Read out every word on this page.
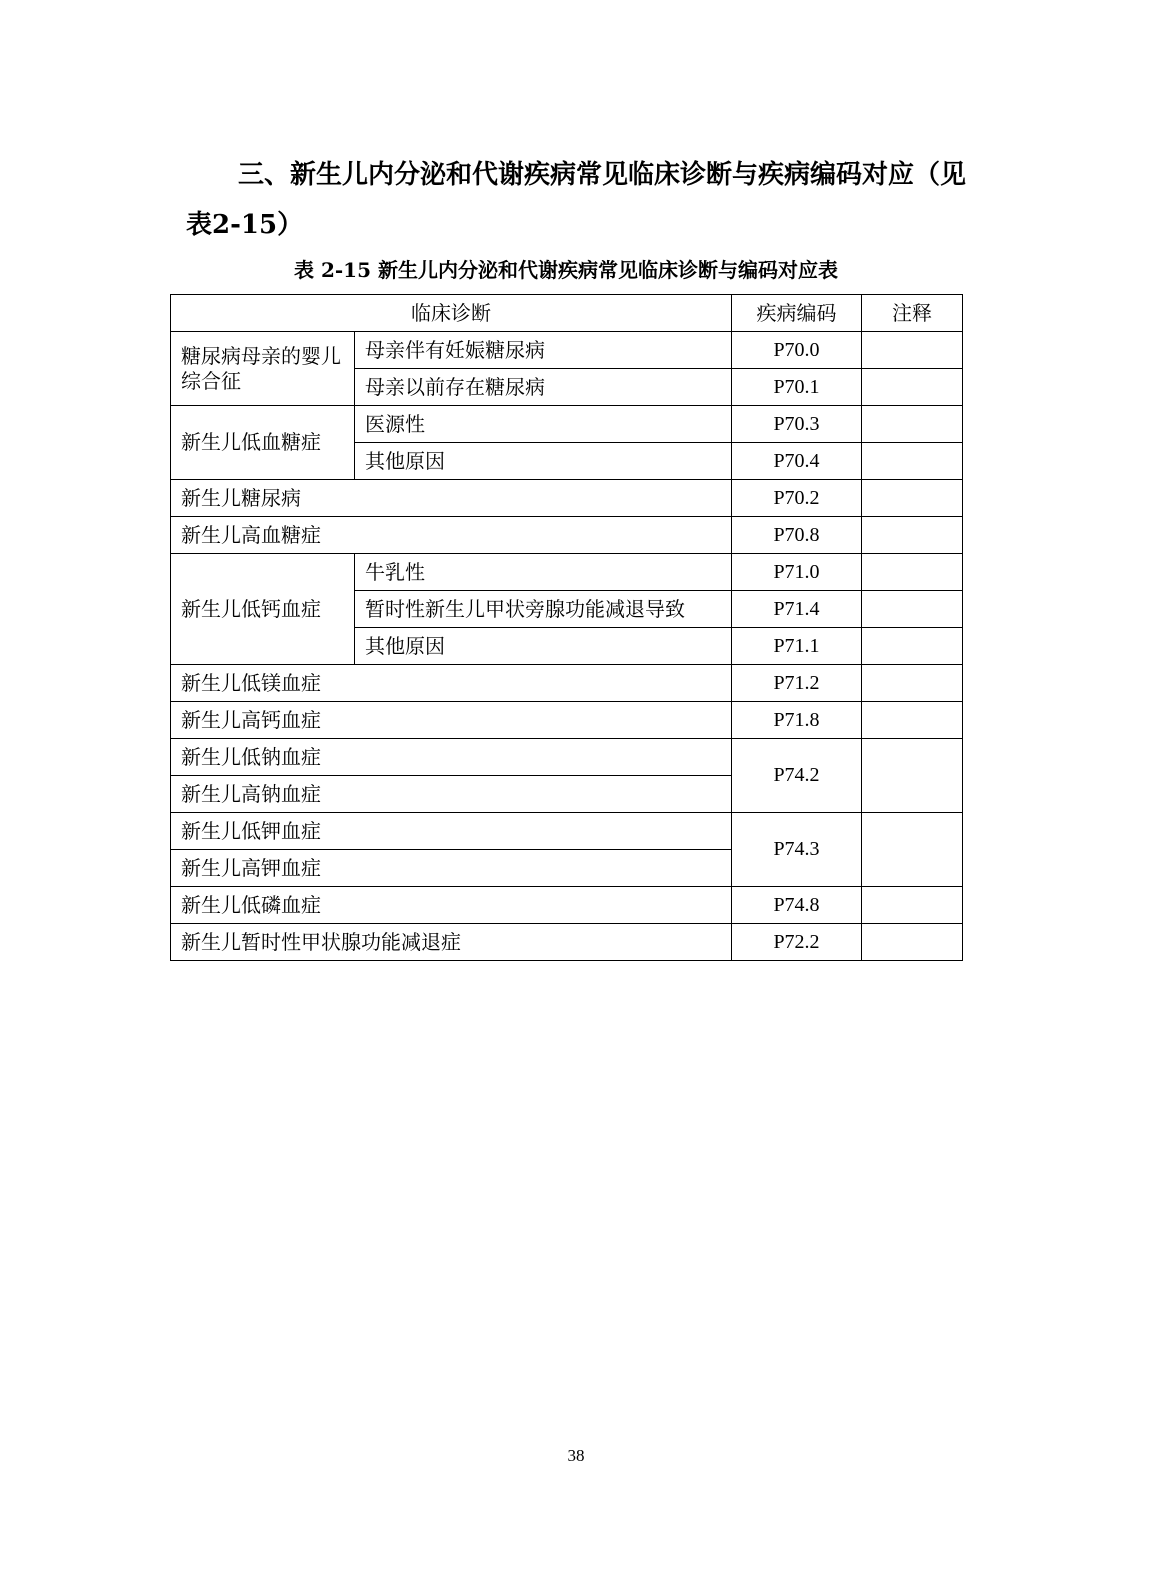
三、新生儿内分泌和代谢疾病常见临床诊断与疾病编码对应（见表2-15）

表 2-15 新生儿内分泌和代谢疾病常见临床诊断与编码对应表

临床诊断		疾病编码	注释
糖尿病母亲的婴儿综合征	母亲伴有妊娠糖尿病	P70.0	
	母亲以前存在糖尿病	P70.1	
新生儿低血糖症	医源性	P70.3	
	其他原因	P70.4	
新生儿糖尿病		P70.2	
新生儿高血糖症		P70.8	
新生儿低钙血症	牛乳性	P71.0	
	暂时性新生儿甲状旁腺功能减退导致	P71.4	
	其他原因	P71.1	
新生儿低镁血症		P71.2	
新生儿高钙血症		P71.8	
新生儿低钠血症		P74.2	
新生儿高钠血症			
新生儿低钾血症		P74.3	
新生儿高钾血症			
新生儿低磷血症		P74.8	
新生儿暂时性甲状腺功能减退症		P72.2	

38
